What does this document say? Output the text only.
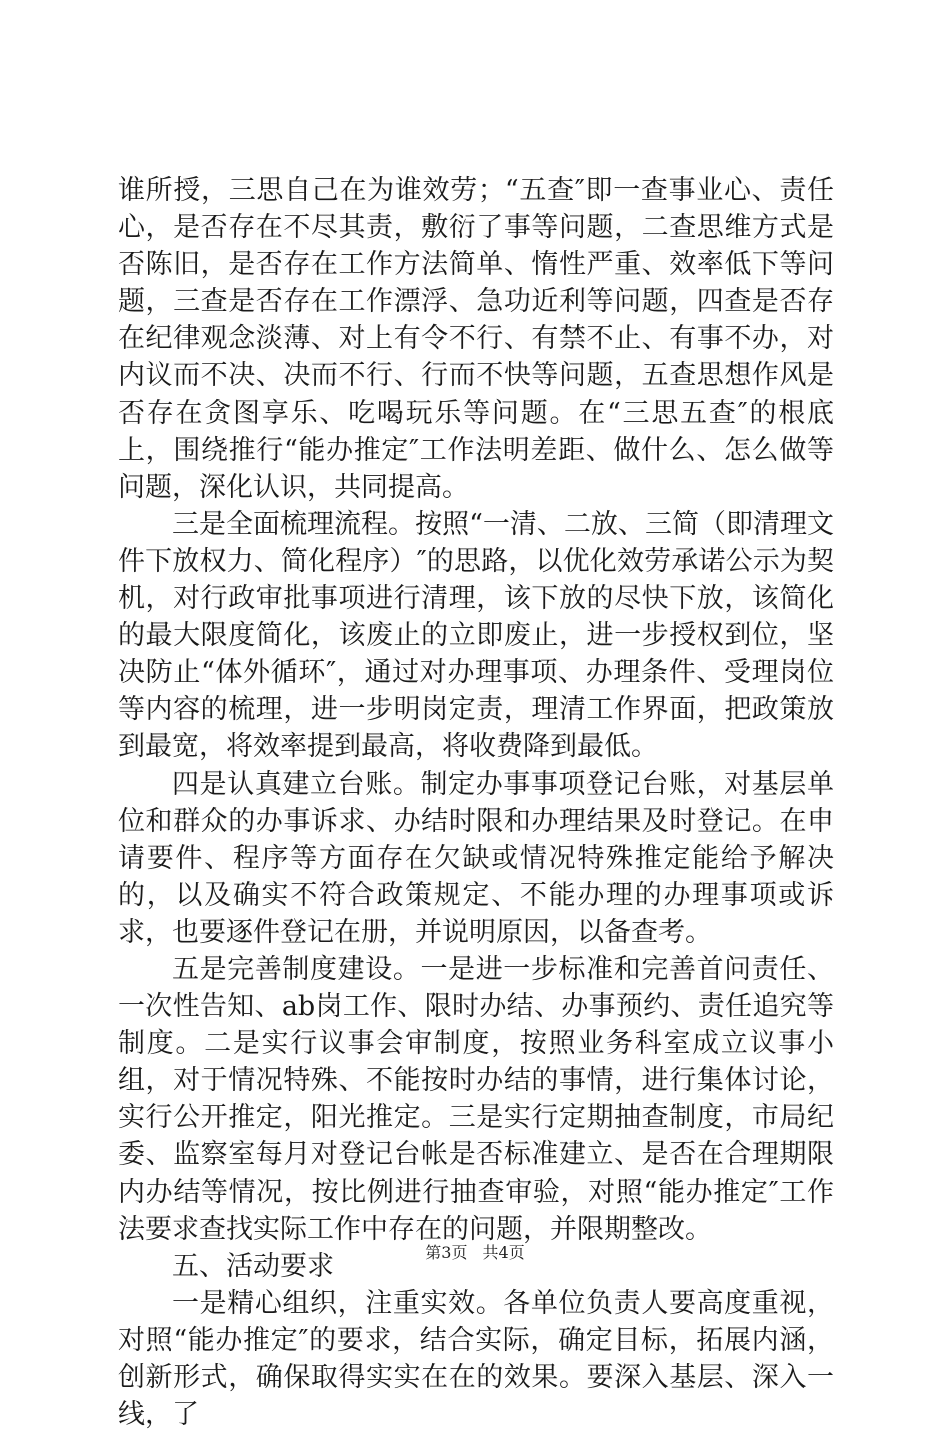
谁所授，三思自己在为谁效劳；“五查″即一查事业心、责任心，是否存在不尽其责，敷衍了事等问题，二查思维方式是否陈旧，是否存在工作方法简单、惰性严重、效率低下等问题，三查是否存在工作漂浮、急功近利等问题，四查是否存在纪律观念淡薄、对上有令不行、有禁不止、有事不办，对内议而不决、决而不行、行而不快等问题，五查思想作风是否存在贪图享乐、吃喝玩乐等问题。在“三思五查″的根底上，围绕推行“能办推定″工作法明差距、做什么、怎么做等问题，深化认识，共同提高。

三是全面梳理流程。按照“一清、二放、三简（即清理文件下放权力、简化程序）″的思路，以优化效劳承诺公示为契机，对行政审批事项进行清理，该下放的尽快下放，该简化的最大限度简化，该废止的立即废止，进一步授权到位，坚决防止“体外循环″，通过对办理事项、办理条件、受理岗位等内容的梳理，进一步明岗定责，理清工作界面，把政策放到最宽，将效率提到最高，将收费降到最低。

四是认真建立台账。制定办事事项登记台账，对基层单位和群众的办事诉求、办结时限和办理结果及时登记。在申请要件、程序等方面存在欠缺或情况特殊推定能给予解决的，以及确实不符合政策规定、不能办理的办理事项或诉求，也要逐件登记在册，并说明原因，以备查考。

五是完善制度建设。一是进一步标准和完善首问责任、一次性告知、ab岗工作、限时办结、办事预约、责任追究等制度。二是实行议事会审制度，按照业务科室成立议事小组，对于情况特殊、不能按时办结的事情，进行集体讨论，实行公开推定，阳光推定。三是实行定期抽查制度，市局纪委、监察室每月对登记台帐是否标准建立、是否在合理期限内办结等情况，按比例进行抽查审验，对照“能办推定″工作法要求查找实际工作中存在的问题，并限期整改。

五、活动要求

一是精心组织，注重实效。各单位负责人要高度重视，对照“能办推定″的要求，结合实际，确定目标，拓展内涵，创新形式，确保取得实实在在的效果。要深入基层、深入一线，了

第3页 共4页
